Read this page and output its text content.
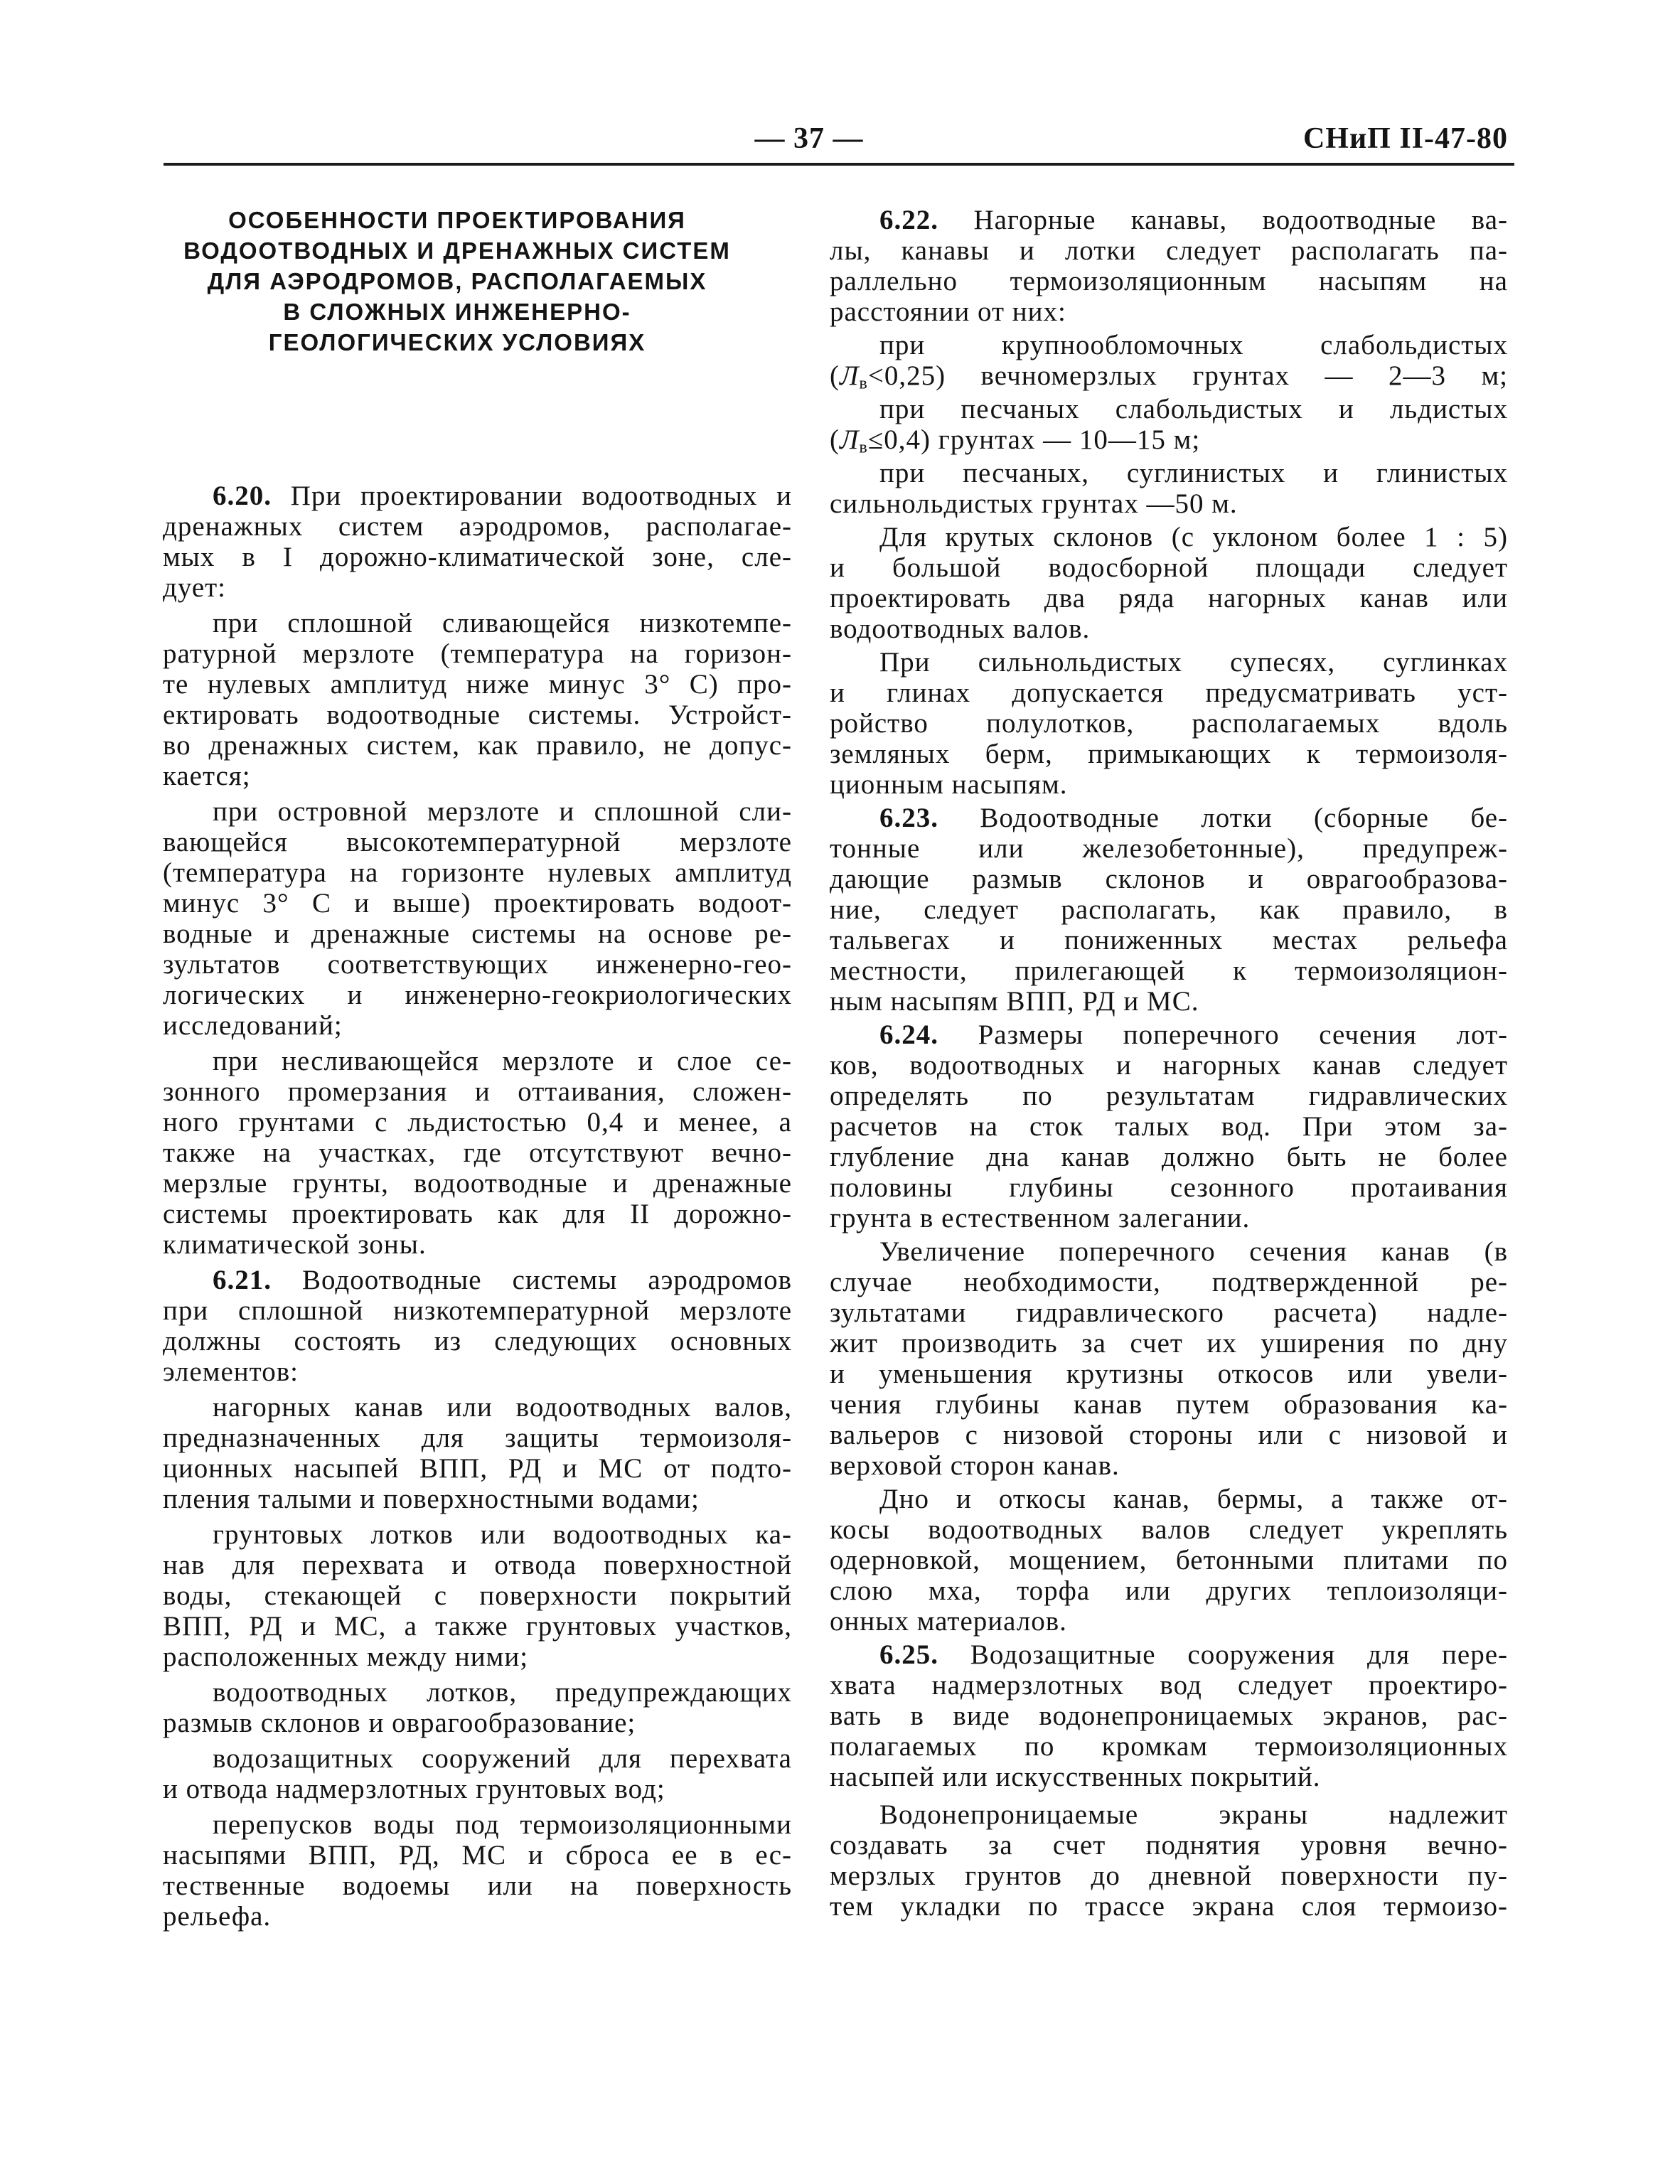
— 37 —	СНиП II-47-80
ОСОБЕННОСТИ ПРОЕКТИРОВАНИЯ
ВОДООТВОДНЫХ И ДРЕНАЖНЫХ СИСТЕМ
ДЛЯ АЭРОДРОМОВ, РАСПОЛАГАЕМЫХ
В СЛОЖНЫХ ИНЖЕНЕРНО-
ГЕОЛОГИЧЕСКИХ УСЛОВИЯХ
6.20. При проектировании водоотводных и
дренажных систем аэродромов, располагае-
мых в I дорожно-климатической зоне, сле-
дует:
при сплошной сливающейся низкотемпе-
ратурной мерзлоте (температура на горизон-
те нулевых амплитуд ниже минус 3° С) про-
ектировать водоотводные системы. Устройст-
во дренажных систем, как правило, не допус-
кается;
при островной мерзлоте и сплошной сли-
вающейся высокотемпературной мерзлоте
(температура на горизонте нулевых амплитуд
минус 3° С и выше) проектировать водоот-
водные и дренажные системы на основе ре-
зультатов соответствующих инженерно-гео-
логических и инженерно-геокриологических
исследований;
при несливающейся мерзлоте и слое се-
зонного промерзания и оттаивания, сложен-
ного грунтами с льдистостью 0,4 и менее, а
также на участках, где отсутствуют вечно-
мерзлые грунты, водоотводные и дренажные
системы проектировать как для II дорожно-
климатической зоны.
6.21. Водоотводные системы аэродромов
при сплошной низкотемпературной мерзлоте
должны состоять из следующих основных
элементов:
нагорных канав или водоотводных валов,
предназначенных для защиты термоизоля-
ционных насыпей ВПП, РД и МС от подто-
пления талыми и поверхностными водами;
грунтовых лотков или водоотводных ка-
нав для перехвата и отвода поверхностной
воды, стекающей с поверхности покрытий
ВПП, РД и МС, а также грунтовых участков,
расположенных между ними;
водоотводных лотков, предупреждающих
размыв склонов и оврагообразование;
водозащитных сооружений для перехвата
и отвода надмерзлотных грунтовых вод;
перепусков воды под термоизоляционными
насыпями ВПП, РД, МС и сброса ее в ес-
тественные водоемы или на поверхность
рельефа.
6.22. Нагорные канавы, водоотводные ва-
лы, канавы и лотки следует располагать па-
раллельно термоизоляционным насыпям на
расстоянии от них:
при крупнообломочных слабольдистых
$(Л_в<0,25)$ вечномерзлых грунтах — 2—3 м;
при песчаных слабольдистых и льдистых
$(Л_в\le 0,4)$ грунтах — 10—15 м;
при песчаных, суглинистых и глинистых
сильнольдистых грунтах —50 м.
Для крутых склонов (с уклоном более 1 : 5)
и большой водосборной площади следует
проектировать два ряда нагорных канав или
водоотводных валов.
При сильнольдистых супесях, суглинках
и глинах допускается предусматривать уст-
ройство полулотков, располагаемых вдоль
земляных берм, примыкающих к термоизоля-
ционным насыпям.
6.23. Водоотводные лотки (сборные бе-
тонные или железобетонные), предупреж-
дающие размыв склонов и оврагообразова-
ние, следует располагать, как правило, в
тальвегах и пониженных местах рельефа
местности, прилегающей к термоизоляцион-
ным насыпям ВПП, РД и МС.
6.24. Размеры поперечного сечения лот-
ков, водоотводных и нагорных канав следует
определять по результатам гидравлических
расчетов на сток талых вод. При этом за-
глубление дна канав должно быть не более
половины глубины сезонного протаивания
грунта в естественном залегании.
Увеличение поперечного сечения канав (в
случае необходимости, подтвержденной ре-
зультатами гидравлического расчета) надле-
жит производить за счет их уширения по дну
и уменьшения крутизны откосов или увели-
чения глубины канав путем образования ка-
вальеров с низовой стороны или с низовой и
верховой сторон канав.
Дно и откосы канав, бермы, а также от-
косы водоотводных валов следует укреплять
одерновкой, мощением, бетонными плитами по
слою мха, торфа или других теплоизоляци-
онных материалов.
6.25. Водозащитные сооружения для пере-
хвата надмерзлотных вод следует проектиро-
вать в виде водонепроницаемых экранов, рас-
полагаемых по кромкам термоизоляционных
насыпей или искусственных покрытий.
Водонепроницаемые экраны надлежит
создавать за счет поднятия уровня вечно-
мерзлых грунтов до дневной поверхности пу-
тем укладки по трассе экрана слоя термоизо-
